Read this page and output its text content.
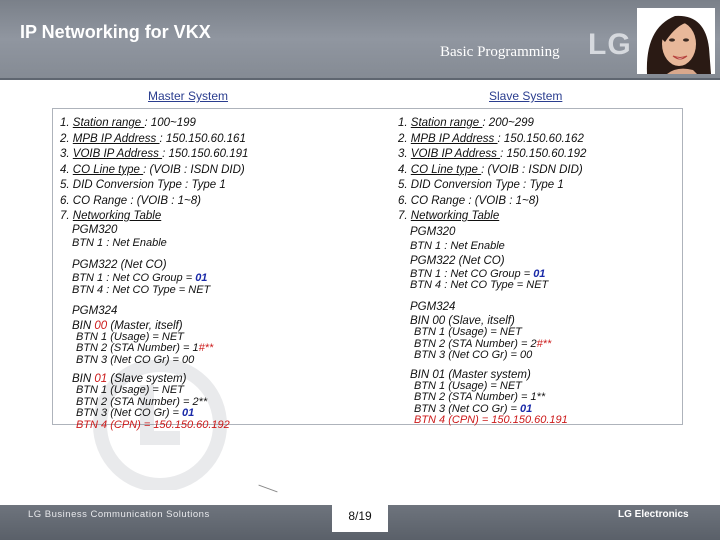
IP Networking for VKX
Basic Programming LG
Master System	Slave System
1. Station range : 100~199
2. MPB IP Address : 150.150.60.161
3. VOIB IP Address : 150.150.60.191
4. CO Line type : (VOIB : ISDN DID)
5. DID Conversion Type : Type 1
6. CO Range : (VOIB : 1~8)
7. Networking Table
PGM320
BTN 1 : Net Enable
PGM322 (Net CO)
BTN 1 : Net CO Group = 01
BTN 4 : Net CO Type = NET
PGM324
BIN 00 (Master, itself)
BTN 1 (Usage) = NET
BTN 2 (STA Number) = 1#**
BTN 3 (Net CO Gr) = 00
BIN 01 (Slave system)
BTN 1 (Usage) = NET
BTN 2 (STA Number) = 2**
BTN 3 (Net CO Gr) = 01
BTN 4 (CPN) = 150.150.60.192
1. Station range : 200~299
2. MPB IP Address : 150.150.60.162
3. VOIB IP Address : 150.150.60.192
4. CO Line type : (VOIB : ISDN DID)
5. DID Conversion Type : Type 1
6. CO Range : (VOIB : 1~8)
7. Networking Table
PGM320
BTN 1 : Net Enable
PGM322 (Net CO)
BTN 1 : Net CO Group = 01
BTN 4 : Net CO Type = NET
PGM324
BIN 00 (Slave, itself)
BTN 1 (Usage) = NET
BTN 2 (STA Number) = 2#**
BTN 3 (Net CO Gr) = 00
BIN 01 (Master system)
BTN 1 (Usage) = NET
BTN 2 (STA Number) = 1**
BTN 3 (Net CO Gr) = 01
BTN 4 (CPN) = 150.150.60.191
LG Business Communication Solutions	LG Electronics
8/19
